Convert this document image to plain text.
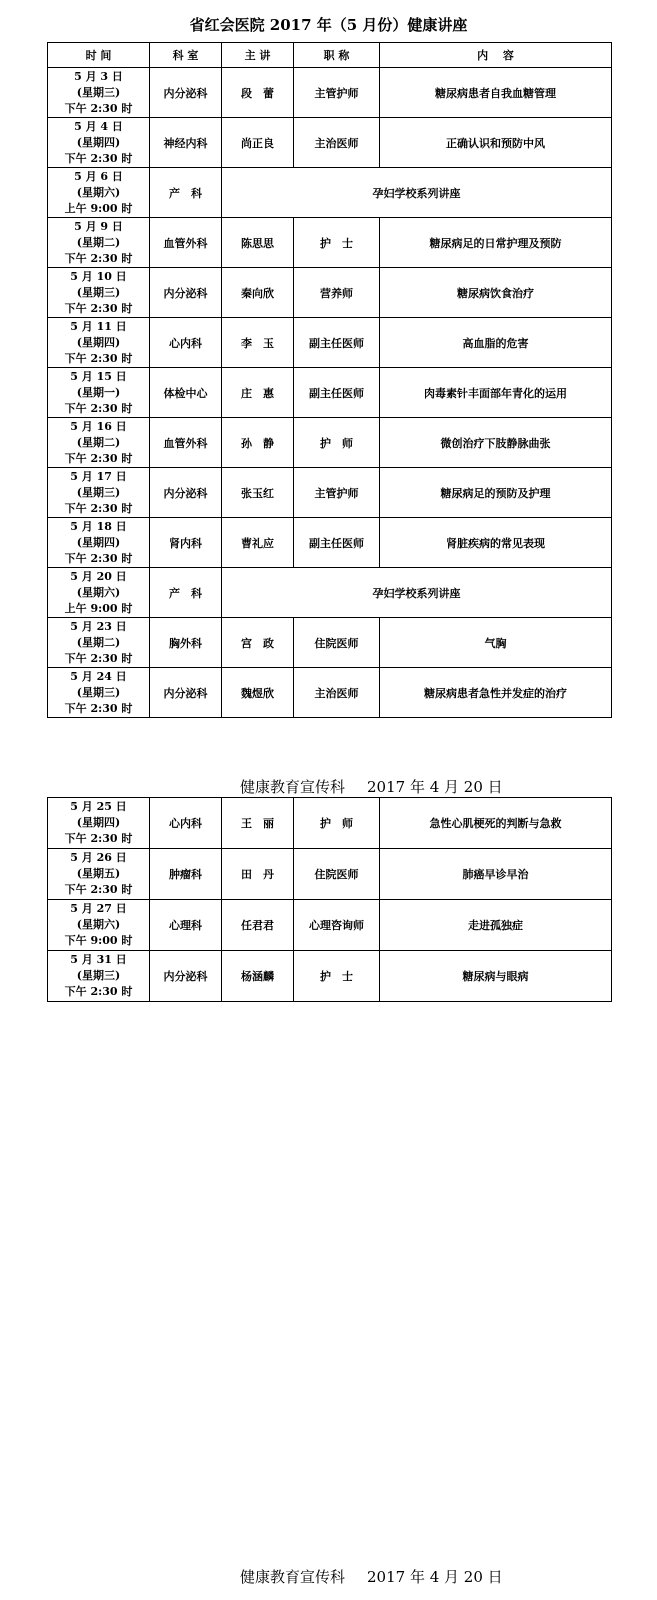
省红会医院 2017 年（5 月份）健康讲座
时 间	科 室	主 讲	职 称	内　 容

5 月 3 日
(星期三)
下午 2:30 时	内分泌科	段　蕾	主管护师	糖尿病患者自我血糖管理

5 月 4 日
(星期四)
下午 2:30 时	神经内科	尚正良	主治医师	正确认识和预防中风

5 月 6 日
(星期六)
上午 9:00 时	产　科	孕妇学校系列讲座		

5 月 9 日
(星期二)
下午 2:30 时	血管外科	陈思思	护　士	糖尿病足的日常护理及预防

5 月 10 日
(星期三)
下午 2:30 时	内分泌科	秦向欣	营养师	糖尿病饮食治疗

5 月 11 日
(星期四)
下午 2:30 时	心内科	李　玉	副主任医师	高血脂的危害

5 月 15 日
(星期一)
下午 2:30 时	体检中心	庄　惠	副主任医师	肉毒素针丰面部年青化的运用

5 月 16 日
(星期二)
下午 2:30 时	血管外科	孙　静	护　师	微创治疗下肢静脉曲张

5 月 17 日
(星期三)
下午 2:30 时	内分泌科	张玉红	主管护师	糖尿病足的预防及护理

5 月 18 日
(星期四)
下午 2:30 时	肾内科	曹礼应	副主任医师	肾脏疾病的常见表现

5 月 20 日
(星期六)
上午 9:00 时	产　科	孕妇学校系列讲座		

5 月 23 日
(星期二)
下午 2:30 时	胸外科	宫　政	住院医师	气胸

5 月 24 日
(星期三)
下午 2:30 时	内分泌科	魏煜欣	主治医师	糖尿病患者急性并发症的治疗
健康教育宣传科 2017 年 4 月 20 日
5 月 25 日
(星期四)
下午 2:30 时	心内科	王　丽	护　师	急性心肌梗死的判断与急救

5 月 26 日
(星期五)
下午 2:30 时	肿瘤科	田　丹	住院医师	肺癌早诊早治

5 月 27 日
(星期六)
下午 9:00 时	心理科	任君君	心理咨询师	走进孤独症

5 月 31 日
(星期三)
下午 2:30 时	内分泌科	杨涵麟	护　士	糖尿病与眼病
健康教育宣传科 2017 年 4 月 20 日
